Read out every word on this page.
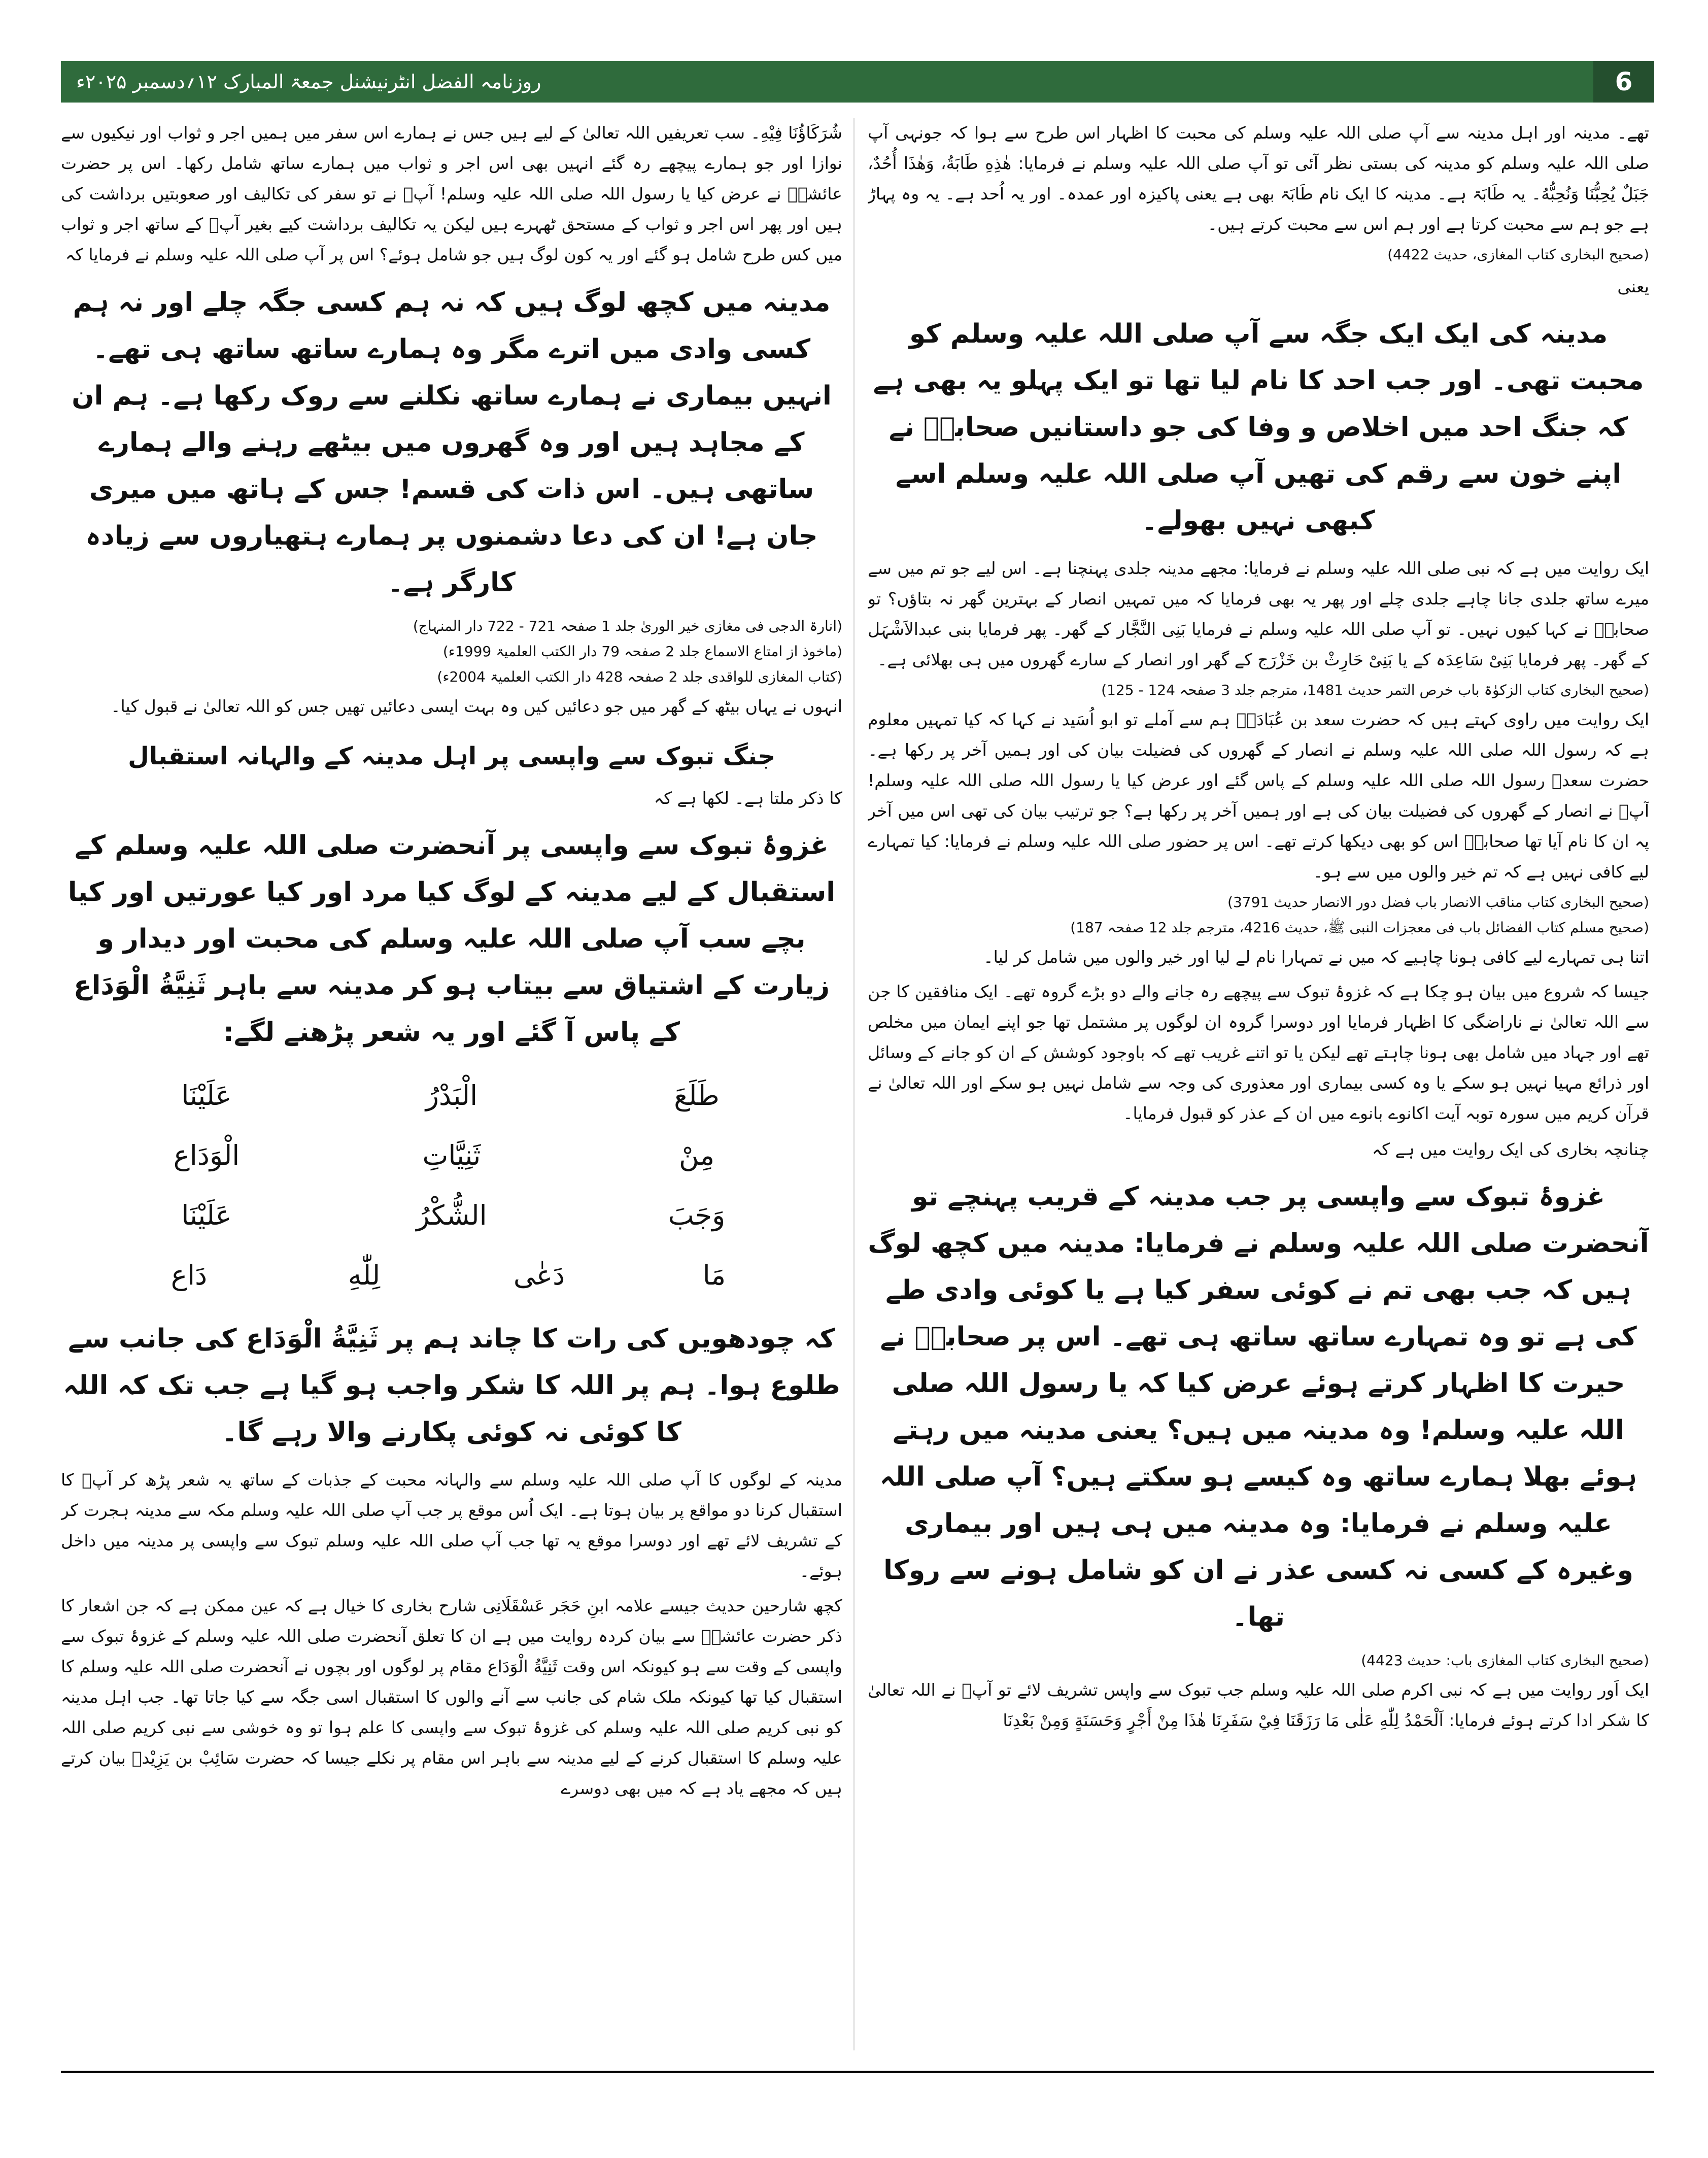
6
روزنامہ الفضل انٹرنیشنل جمعۃ المبارک ۱۲؍دسمبر ۲۰۲۵ء

تھے۔ مدینہ اور اہل مدینہ سے آپ صلی اللہ علیہ وسلم کی محبت کا اظہار اس طرح سے ہوا کہ جونہی آپ صلی اللہ علیہ وسلم کو مدینہ کی بستی نظر آئی تو آپ صلی اللہ علیہ وسلم نے فرمایا: هٰذِهِ طَابَةُ، وَهٰذَا أُحُدٌ، جَبَلٌ يُحِبُّنَا وَنُحِبُّهُ۔ یہ طَابَۃ ہے۔ مدینہ کا ایک نام طَابَۃ بھی ہے یعنی پاکیزہ اور عمدہ۔ اور یہ اُحد ہے۔ یہ وہ پہاڑ ہے جو ہم سے محبت کرتا ہے اور ہم اس سے محبت کرتے ہیں۔

(صحیح البخاری کتاب المغازی، حدیث 4422)

یعنی

مدینہ کی ایک ایک جگہ سے آپ صلی اللہ علیہ وسلم کو محبت تھی۔ اور جب احد کا نام لیا تھا تو ایک پہلو یہ بھی ہے کہ جنگ احد میں اخلاص و وفا کی جو داستانیں صحابہؓ نے اپنے خون سے رقم کی تھیں آپ صلی اللہ علیہ وسلم اسے کبھی نہیں بھولے۔

ایک روایت میں ہے کہ نبی صلی اللہ علیہ وسلم نے فرمایا: مجھے مدینہ جلدی پہنچنا ہے۔ اس لیے جو تم میں سے میرے ساتھ جلدی جانا چاہے جلدی چلے اور پھر یہ بھی فرمایا کہ میں تمہیں انصار کے بہترین گھر نہ بتاؤں؟ تو صحابہؓ نے کہا کیوں نہیں۔ تو آپ صلی اللہ علیہ وسلم نے فرمایا بَنِی النَّجَّار کے گھر۔ پھر فرمایا بنی عبدالاَشْہَل کے گھر۔ پھر فرمایا بَنِیْ سَاعِدَہ کے یا بَنِیْ حَارِثْ بن خَزْرَج کے گھر اور انصار کے سارے گھروں میں ہی بھلائی ہے۔

(صحیح البخاری کتاب الزکوٰۃ باب خرص التمر حدیث 1481، مترجم جلد 3 صفحہ 124 - 125)

ایک روایت میں راوی کہتے ہیں کہ حضرت سعد بن عُبَادَہؓ ہم سے آملے تو ابو اُسَید نے کہا کہ کیا تمہیں معلوم ہے کہ رسول اللہ صلی اللہ علیہ وسلم نے انصار کے گھروں کی فضیلت بیان کی اور ہمیں آخر پر رکھا ہے۔ حضرت سعدؓ رسول اللہ صلی اللہ علیہ وسلم کے پاس گئے اور عرض کیا یا رسول اللہ صلی اللہ علیہ وسلم! آپؐ نے انصار کے گھروں کی فضیلت بیان کی ہے اور ہمیں آخر پر رکھا ہے؟ جو ترتیب بیان کی تھی اس میں آخر پہ ان کا نام آیا تھا صحابہؓ اس کو بھی دیکھا کرتے تھے۔ اس پر حضور صلی اللہ علیہ وسلم نے فرمایا: کیا تمہارے لیے کافی نہیں ہے کہ تم خیر والوں میں سے ہو۔

(صحیح البخاری کتاب مناقب الانصار باب فضل دور الانصار حدیث 3791)

(صحیح مسلم کتاب الفضائل باب فی معجزات النبی ﷺ، حدیث 4216، مترجم جلد 12 صفحہ 187)

اتنا ہی تمہارے لیے کافی ہونا چاہیے کہ میں نے تمہارا نام لے لیا اور خیر والوں میں شامل کر لیا۔

جیسا کہ شروع میں بیان ہو چکا ہے کہ غزوۂ تبوک سے پیچھے رہ جانے والے دو بڑے گروہ تھے۔ ایک منافقین کا جن سے اللہ تعالیٰ نے ناراضگی کا اظہار فرمایا اور دوسرا گروہ ان لوگوں پر مشتمل تھا جو اپنے ایمان میں مخلص تھے اور جہاد میں شامل بھی ہونا چاہتے تھے لیکن یا تو اتنے غریب تھے کہ باوجود کوشش کے ان کو جانے کے وسائل اور ذرائع مہیا نہیں ہو سکے یا وہ کسی بیماری اور معذوری کی وجہ سے شامل نہیں ہو سکے اور اللہ تعالیٰ نے قرآن کریم میں سورہ توبہ آیت اکانوے بانوے میں ان کے عذر کو قبول فرمایا۔

چنانچہ بخاری کی ایک روایت میں ہے کہ

غزوۂ تبوک سے واپسی پر جب مدینہ کے قریب پہنچے تو آنحضرت صلی اللہ علیہ وسلم نے فرمایا: مدینہ میں کچھ لوگ ہیں کہ جب بھی تم نے کوئی سفر کیا ہے یا کوئی وادی طے کی ہے تو وہ تمہارے ساتھ ساتھ ہی تھے۔ اس پر صحابہؓ نے حیرت کا اظہار کرتے ہوئے عرض کیا کہ یا رسول اللہ صلی اللہ علیہ وسلم! وہ مدینہ میں ہیں؟ یعنی مدینہ میں رہتے ہوئے بھلا ہمارے ساتھ وہ کیسے ہو سکتے ہیں؟ آپ صلی اللہ علیہ وسلم نے فرمایا: وہ مدینہ میں ہی ہیں اور بیماری وغیرہ کے کسی نہ کسی عذر نے ان کو شامل ہونے سے روکا تھا۔

(صحیح البخاری کتاب المغازی باب: حدیث 4423)

ایک اَور روایت میں ہے کہ نبی اکرم صلی اللہ علیہ وسلم جب تبوک سے واپس تشریف لائے تو آپؐ نے اللہ تعالیٰ کا شکر ادا کرتے ہوئے فرمایا: اَلْحَمْدُ لِلّٰهِ عَلٰى مَا رَزَقَنَا فِيْ سَفَرِنَا هٰذَا مِنْ أَجْرٍ وَحَسَنَةٍ وَمِنْ بَعْدِنَا

شُرَكَاؤُنَا فِيْهِ۔ سب تعریفیں اللہ تعالیٰ کے لیے ہیں جس نے ہمارے اس سفر میں ہمیں اجر و ثواب اور نیکیوں سے نوازا اور جو ہمارے پیچھے رہ گئے انہیں بھی اس اجر و ثواب میں ہمارے ساتھ شامل رکھا۔ اس پر حضرت عائشہؓ نے عرض کیا یا رسول اللہ صلی اللہ علیہ وسلم! آپؐ نے تو سفر کی تکالیف اور صعوبتیں برداشت کی ہیں اور پھر اس اجر و ثواب کے مستحق ٹھہرے ہیں لیکن یہ تکالیف برداشت کیے بغیر آپؐ کے ساتھ اجر و ثواب میں کس طرح شامل ہو گئے اور یہ کون لوگ ہیں جو شامل ہوئے؟ اس پر آپ صلی اللہ علیہ وسلم نے فرمایا کہ

مدینہ میں کچھ لوگ ہیں کہ نہ ہم کسی جگہ چلے اور نہ ہم کسی وادی میں اترے مگر وہ ہمارے ساتھ ساتھ ہی تھے۔ انہیں بیماری نے ہمارے ساتھ نکلنے سے روک رکھا ہے۔ ہم ان کے مجاہد ہیں اور وہ گھروں میں بیٹھے رہنے والے ہمارے ساتھی ہیں۔ اس ذات کی قسم! جس کے ہاتھ میں میری جان ہے! ان کی دعا دشمنوں پر ہمارے ہتھیاروں سے زیادہ کارگر ہے۔

(انارۃ الدجی فی مغازی خیر الوریٰ جلد 1 صفحہ 721 - 722 دار المنہاج)

(ماخوذ از امتاع الاسماع جلد 2 صفحہ 79 دار الکتب العلمیۃ 1999ء)

(کتاب المغازی للواقدی جلد 2 صفحہ 428 دار الکتب العلمیۃ 2004ء)

انہوں نے یہاں بیٹھ کے گھر میں جو دعائیں کیں وہ بہت ایسی دعائیں تھیں جس کو اللہ تعالیٰ نے قبول کیا۔

جنگ تبوک سے واپسی پر اہل مدینہ کے والہانہ استقبال

کا ذکر ملتا ہے۔ لکھا ہے کہ

غزوۂ تبوک سے واپسی پر آنحضرت صلی اللہ علیہ وسلم کے استقبال کے لیے مدینہ کے لوگ کیا مرد اور کیا عورتیں اور کیا بچے سب آپ صلی اللہ علیہ وسلم کی محبت اور دیدار و زیارت کے اشتیاق سے بیتاب ہو کر مدینہ سے باہر ثَنِيَّةُ الْوَدَاع کے پاس آ گئے اور یہ شعر پڑھنے لگے:

طَلَعَ
الْبَدْرُ
عَلَيْنَا
مِنْ
ثَنِيَّاتِ
الْوَدَاع
وَجَبَ
الشُّكْرُ
عَلَيْنَا
مَا
دَعٰى
لِلّٰهِ
دَاع

کہ چودھویں کی رات کا چاند ہم پر ثَنِيَّةُ الْوَدَاع کی جانب سے طلوع ہوا۔ ہم پر اللہ کا شکر واجب ہو گیا ہے جب تک کہ اللہ کا کوئی نہ کوئی پکارنے والا رہے گا۔

مدینہ کے لوگوں کا آپ صلی اللہ علیہ وسلم سے والہانہ محبت کے جذبات کے ساتھ یہ شعر پڑھ کر آپؐ کا استقبال کرنا دو مواقع پر بیان ہوتا ہے۔ ایک اُس موقع پر جب آپ صلی اللہ علیہ وسلم مکہ سے مدینہ ہجرت کر کے تشریف لائے تھے اور دوسرا موقع یہ تھا جب آپ صلی اللہ علیہ وسلم تبوک سے واپسی پر مدینہ میں داخل ہوئے۔

کچھ شارحین حدیث جیسے علامہ ابنِ حَجَر عَسْقَلَانِی شارح بخاری کا خیال ہے کہ عین ممکن ہے کہ جن اشعار کا ذکر حضرت عائشہؓ سے بیان کردہ روایت میں ہے ان کا تعلق آنحضرت صلی اللہ علیہ وسلم کے غزوۂ تبوک سے واپسی کے وقت سے ہو کیونکہ اس وقت ثَنِيَّةُ الْوَدَاع مقام پر لوگوں اور بچوں نے آنحضرت صلی اللہ علیہ وسلم کا استقبال کیا تھا کیونکہ ملک شام کی جانب سے آنے والوں کا استقبال اسی جگہ سے کیا جاتا تھا۔ جب اہل مدینہ کو نبی کریم صلی اللہ علیہ وسلم کی غزوۂ تبوک سے واپسی کا علم ہوا تو وہ خوشی سے نبی کریم صلی اللہ علیہ وسلم کا استقبال کرنے کے لیے مدینہ سے باہر اس مقام پر نکلے جیسا کہ حضرت سَائِبْ بن یَزِیْدؓ بیان کرتے ہیں کہ مجھے یاد ہے کہ میں بھی دوسرے
